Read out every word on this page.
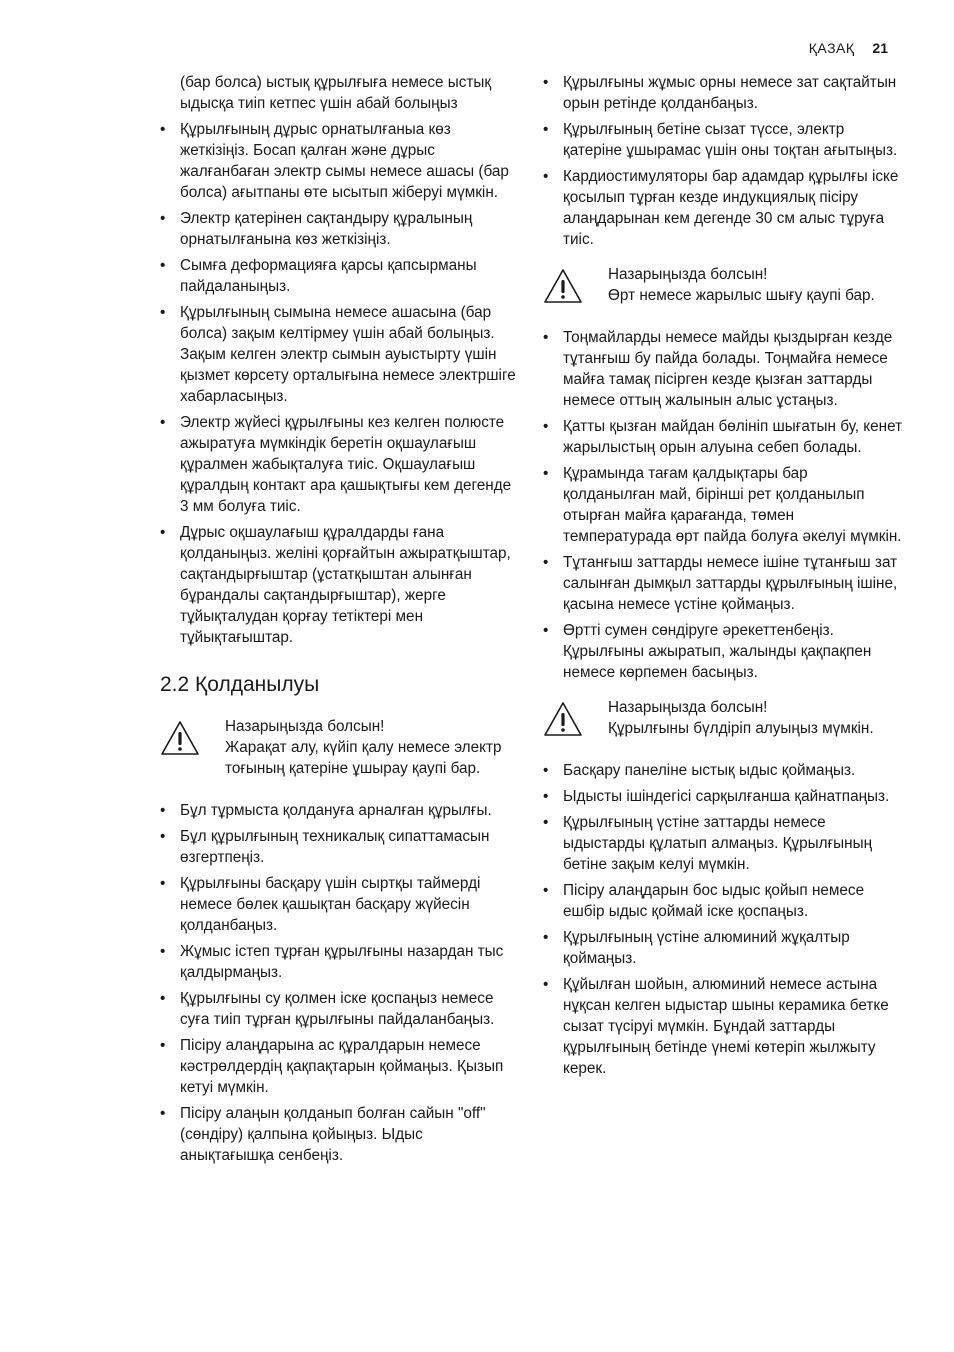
ҚАЗАҚ 21
(бар болса) ыстық құрылғыға немесе ыстық ыдысқа тиіп кетпес үшін абай болыңыз
• Құрылғының дұрыс орнатылғаныа көз жеткізіңіз. Босап қалған және дұрыс жалғанбаған электр сымы немесе ашасы (бар болса) ағытпаны өте ысытып жіберуі мүмкін.
• Электр қатерінен сақтандыру құралының орнатылғанына көз жеткізіңіз.
• Сымға деформацияға қарсы қапсырманы пайдаланыңыз.
• Құрылғының сымына немесе ашасына (бар болса) зақым келтірмеу үшін абай болыңыз. Зақым келген электр сымын ауыстырту үшін қызмет көрсету орталығына немесе электршіге хабарласыңыз.
• Электр жүйесі құрылғыны кез келген полюсте ажыратуға мүмкіндік беретін оқшаулағыш құралмен жабықталуға тиіс. Оқшаулағыш құралдың контакт ара қашықтығы кем дегенде 3 мм болуға тиіс.
• Дұрыс оқшаулағыш құралдарды ғана қолданыңыз. желіні қорғайтын ажыратқыштар, сақтандырғыштар (ұстатқыштан алынған бұрандалы сақтандырғыштар), жерге тұйықталудан қорғау тетіктері мен тұйықтағыштар.
2.2 Қолданылуы
Назарыңызда болсын!
Жарақат алу, күйіп қалу немесе электр тоғының қатеріне ұшырау қаупі бар.
• Бұл тұрмыста қолдануға арналған құрылғы.
• Бұл құрылғының техникалық сипаттамасын өзгертпеңіз.
• Құрылғыны басқару үшін сыртқы таймерді немесе бөлек қашықтан басқару жүйесін қолданбаңыз.
• Жұмыс істеп тұрған құрылғыны назардан тыс қалдырмаңыз.
• Құрылғыны су қолмен іске қоспаңыз немесе суға тиіп тұрған құрылғыны пайдаланбаңыз.
• Пісіру алаңдарына ас құралдарын немесе кәстрөлдердің қақпақтарын қоймаңыз. Қызып кетуі мүмкін.
• Пісіру алаңын қолданып болған сайын "off" (сөндіру) қалпына қойыңыз. Ыдыс анықтағышқа сенбеңіз.
• Құрылғыны жұмыс орны немесе зат сақтайтын орын ретінде қолданбаңыз.
• Құрылғының бетіне сызат түссе, электр қатеріне ұшырамас үшін оны тоқтан ағытыңыз.
• Кардиостимуляторы бар адамдар құрылғы іске қосылып тұрған кезде индукциялық пісіру алаңдарынан кем дегенде 30 см алыс тұруға тиіс.
Назарыңызда болсын!
Өрт немесе жарылыс шығу қаупі бар.
• Тоңмайларды немесе майды қыздырған кезде тұтанғыш бу пайда болады. Тоңмайға немесе майға тамақ пісірген кезде қызған заттарды немесе оттың жалынын алыс ұстаңыз.
• Қатты қызған майдан бөлініп шығатын бу, кенет жарылыстың орын алуына себеп болады.
• Құрамында тағам қалдықтары бар қолданылған май, бірінші рет қолданылып отырған майға қарағанда, төмен температурада өрт пайда болуға әкелуі мүмкін.
• Тұтанғыш заттарды немесе ішіне тұтанғыш зат салынған дымқыл заттарды құрылғының ішіне, қасына немесе үстіне қоймаңыз.
• Өртті сумен сөндіруге әрекеттенбеңіз. Құрылғыны ажыратып, жалынды қақпақпен немесе көрпемен басыңыз.
Назарыңызда болсын!
Құрылғыны бүлдіріп алуыңыз мүмкін.
• Басқару панеліне ыстық ыдыс қоймаңыз.
• Ыдысты ішіндегісі сарқылғанша қайнатпаңыз.
• Құрылғының үстіне заттарды немесе ыдыстарды құлатып алмаңыз. Құрылғының бетіне зақым келуі мүмкін.
• Пісіру алаңдарын бос ыдыс қойып немесе ешбір ыдыс қоймай іске қоспаңыз.
• Құрылғының үстіне алюминий жұқалтыр қоймаңыз.
• Құйылған шойын, алюминий немесе астына нұқсан келген ыдыстар шыны керамика бетке сызат түсіруі мүмкін. Бұндай заттарды құрылғының бетінде үнемі көтеріп жылжыту керек.
